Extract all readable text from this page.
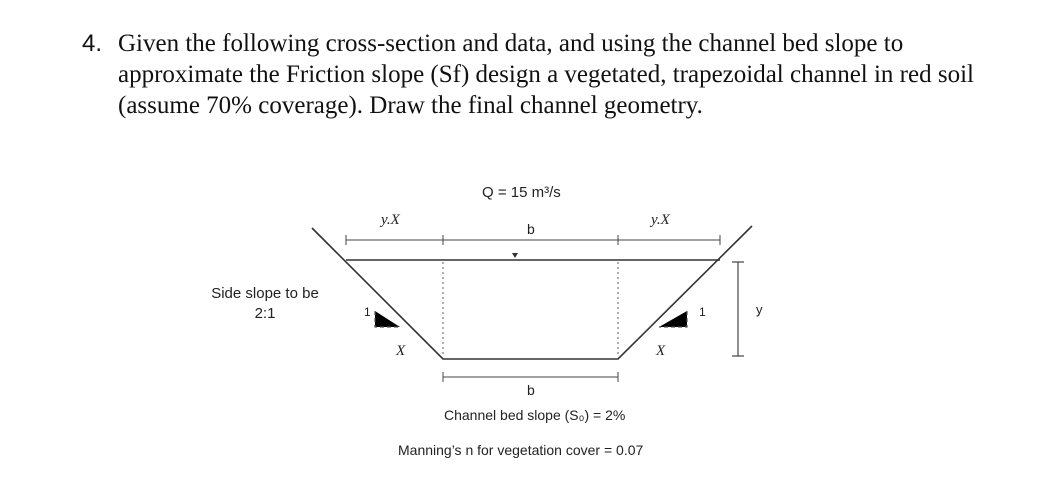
4. Given the following cross-section and data, and using the channel bed slope to approximate the Friction slope (Sf) design a vegetated, trapezoidal channel in red soil (assume 70% coverage). Draw the final channel geometry.
Q = 15 m³/s
y.X
b
y.X
Side slope to be
2:1	1
X
1
X
y
b
Channel bed slope (S₀) = 2%
Manning’s n for vegetation cover = 0.07
